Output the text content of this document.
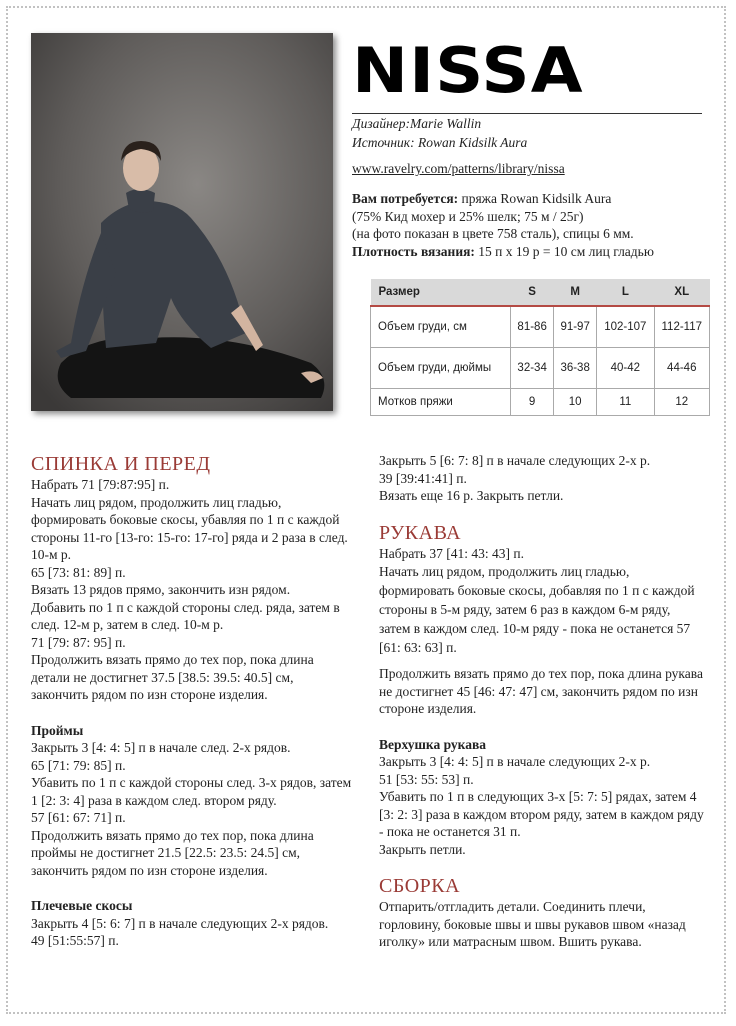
NISSA
Дизайнер:Marie Wallin
Источник: Rowan Kidsilk Aura
www.ravelry.com/patterns/library/nissa
Вам потребуется: пряжа Rowan Kidsilk Aura
(75% Кид мохер и 25% шелк; 75 м / 25г)
(на фото показан в цвете 758 сталь), спицы 6 мм.
Плотность вязания: 15 п x 19 р = 10 см лиц гладью
Размер	S	M	L	XL
Объем груди, см	81-86	91-97	102-107	112-117
Объем груди, дюймы	32-34	36-38	40-42	44-46
Мотков пряжи	9	10	11	12
СПИНКА И ПЕРЕД

Набрать 71 [79:87:95] п.

Начать лиц рядом, продолжить лиц гладью, формировать боковые скосы, убавляя по 1 п с каждой стороны 11-го [13-го: 15-го: 17-го] ряда и 2 раза в след. 10-м р.

65 [73: 81: 89] п.

Вязать 13 рядов прямо, закончить изн рядом.

Добавить по 1 п с каждой стороны след. ряда, затем в след. 12-м р, затем в след. 10-м р.

71 [79: 87: 95] п.

Продолжить вязать прямо до тех пор, пока длина детали не достигнет 37.5 [38.5: 39.5: 40.5] см, закончить рядом по изн стороне изделия.

Проймы

Закрыть 3 [4: 4: 5] п в начале след. 2-х рядов.

65 [71: 79: 85] п.

Убавить по 1 п с каждой стороны след. 3-х рядов, затем 1 [2: 3: 4] раза в каждом след. втором ряду.

57 [61: 67: 71] п.

Продолжить вязать прямо до тех пор, пока длина проймы не достигнет 21.5 [22.5: 23.5: 24.5] см, закончить рядом по изн стороне изделия.

Плечевые скосы

Закрыть 4 [5: 6: 7] п в начале следующих 2-х рядов.

49 [51:55:57] п.

Закрыть 5 [6: 7: 8] п в начале следующих 2-х р.

39 [39:41:41] п.

Вязать еще 16 р. Закрыть петли.

РУКАВА

Набрать 37 [41: 43: 43] п.

Начать лиц рядом, продолжить лиц гладью, формировать боковые скосы, добавляя по 1 п с каждой стороны в 5-м ряду, затем 6 раз в каждом 6-м ряду, затем в каждом след. 10-м ряду - пока не останется 57 [61: 63: 63] п.

Продолжить вязать прямо до тех пор, пока длина рукава не достигнет 45 [46: 47: 47] см, закончить рядом по изн стороне изделия.

Верхушка рукава

Закрыть 3 [4: 4: 5] п в начале следующих 2-х р.

51 [53: 55: 53] п.

Убавить по 1 п в следующих 3-х [5: 7: 5] рядах, затем 4 [3: 2: 3] раза в каждом втором ряду, затем в каждом ряду - пока не останется 31 п.

Закрыть петли.

СБОРКА

Отпарить/отгладить детали. Соединить плечи, горловину, боковые швы и швы рукавов швом «назад иголку» или матрасным швом. Вшить рукава.
